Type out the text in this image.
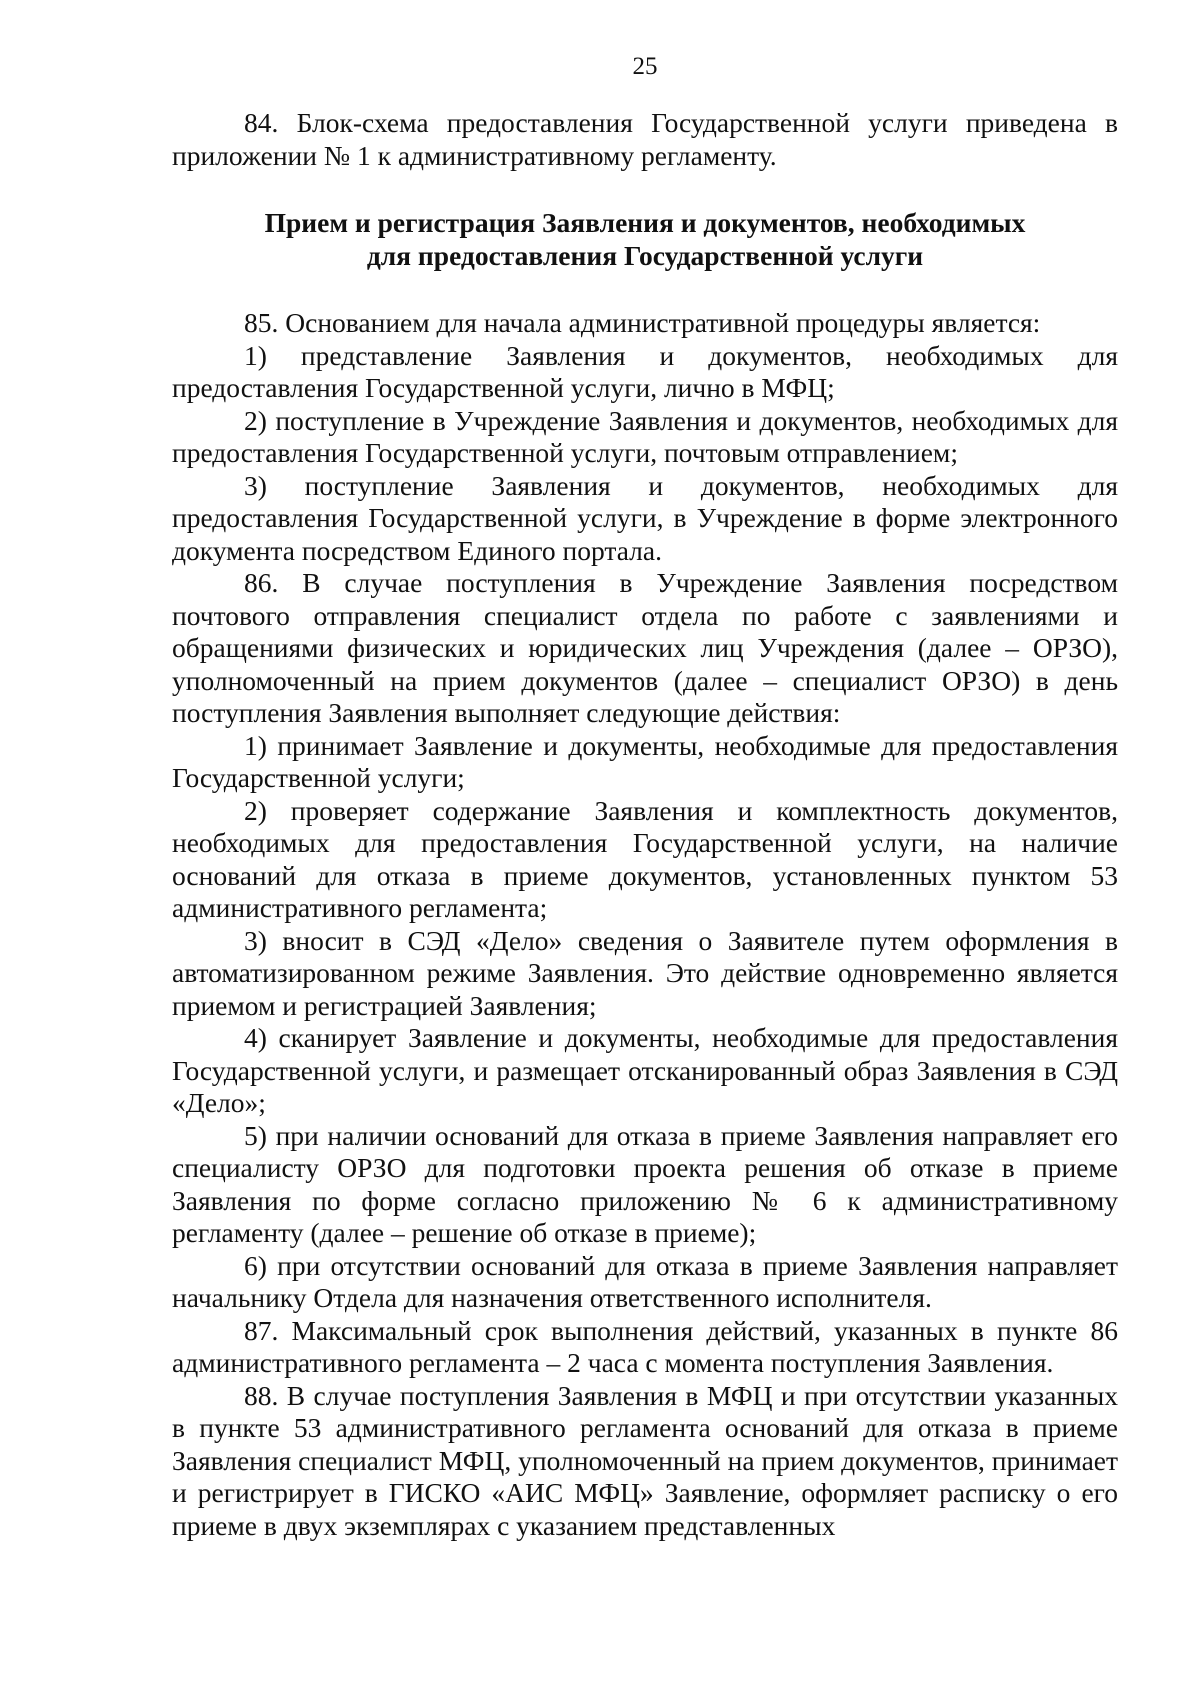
25

84. Блок-схема предоставления Государственной услуги приведена в приложении № 1 к административному регламенту.

Прием и регистрация Заявления и документов, необходимых
для предоставления Государственной услуги

85. Основанием для начала административной процедуры является:

1) представление Заявления и документов, необходимых для предоставления Государственной услуги, лично в МФЦ;

2) поступление в Учреждение Заявления и документов, необходимых для предоставления Государственной услуги, почтовым отправлением;

3) поступление Заявления и документов, необходимых для предоставления Государственной услуги, в Учреждение в форме электронного документа посредством Единого портала.

86. В случае поступления в Учреждение Заявления посредством почтового отправления специалист отдела по работе с заявлениями и обращениями физических и юридических лиц Учреждения (далее – ОРЗО), уполномоченный на прием документов (далее – специалист ОРЗО) в день поступления Заявления выполняет следующие действия:

1) принимает Заявление и документы, необходимые для предоставления Государственной услуги;

2) проверяет содержание Заявления и комплектность документов, необходимых для предоставления Государственной услуги, на наличие оснований для отказа в приеме документов, установленных пунктом 53 административного регламента;

3) вносит в СЭД «Дело» сведения о Заявителе путем оформления в автоматизированном режиме Заявления. Это действие одновременно является приемом и регистрацией Заявления;

4) сканирует Заявление и документы, необходимые для предоставления Государственной услуги, и размещает отсканированный образ Заявления в СЭД «Дело»;

5) при наличии оснований для отказа в приеме Заявления направляет его специалисту ОРЗО для подготовки проекта решения об отказе в приеме Заявления по форме согласно приложению № 6 к административному регламенту (далее – решение об отказе в приеме);

6) при отсутствии оснований для отказа в приеме Заявления направляет начальнику Отдела для назначения ответственного исполнителя.

87. Максимальный срок выполнения действий, указанных в пункте 86 административного регламента – 2 часа с момента поступления Заявления.

88. В случае поступления Заявления в МФЦ и при отсутствии указанных в пункте 53 административного регламента оснований для отказа в приеме Заявления специалист МФЦ, уполномоченный на прием документов, принимает и регистрирует в ГИСКО «АИС МФЦ» Заявление, оформляет расписку о его приеме в двух экземплярах с указанием представленных
